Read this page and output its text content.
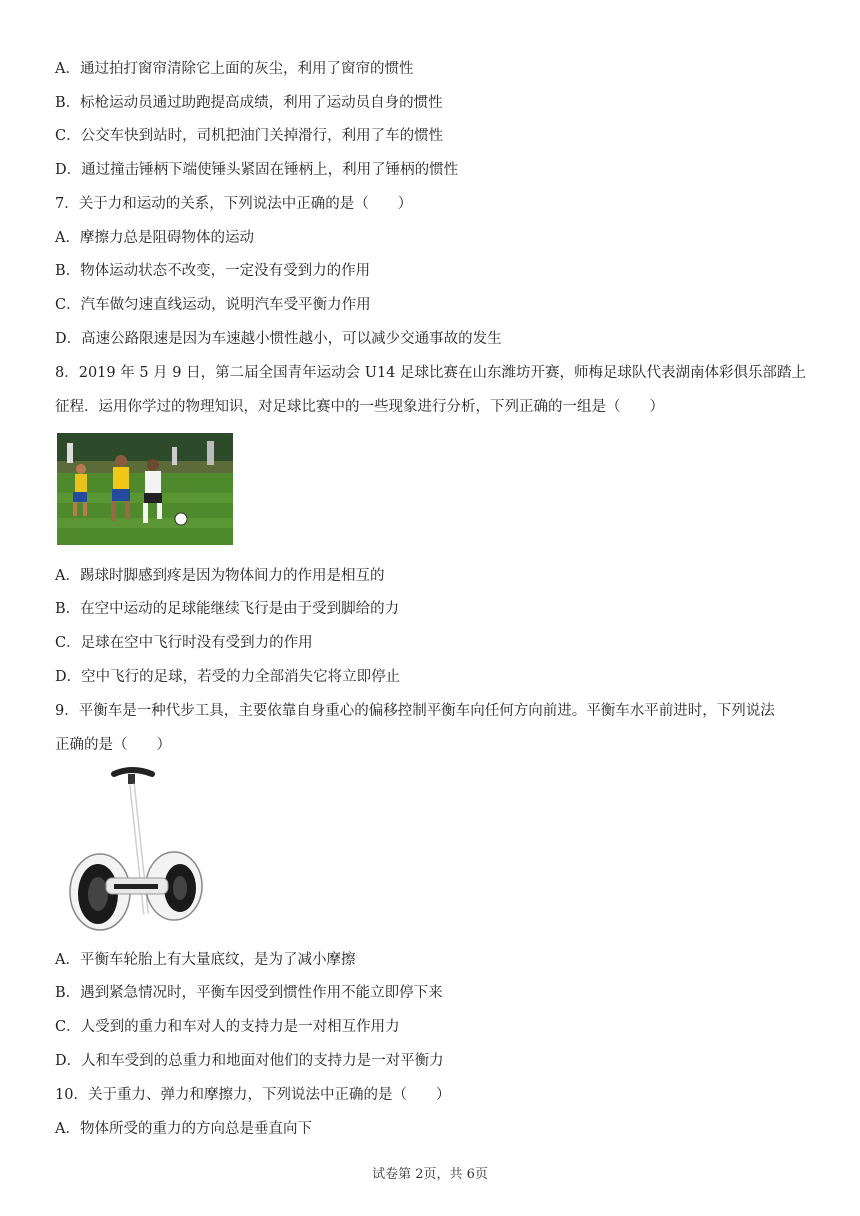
A．通过拍打窗帘清除它上面的灰尘，利用了窗帘的惯性
B．标枪运动员通过助跑提高成绩，利用了运动员自身的惯性
C．公交车快到站时，司机把油门关掉滑行，利用了车的惯性
D．通过撞击锤柄下端使锤头紧固在锤柄上，利用了锤柄的惯性
7．关于力和运动的关系，下列说法中正确的是（　　）
A．摩擦力总是阻碍物体的运动
B．物体运动状态不改变，一定没有受到力的作用
C．汽车做匀速直线运动，说明汽车受平衡力作用
D．高速公路限速是因为车速越小惯性越小，可以减少交通事故的发生
8．2019 年 5 月 9 日，第二届全国青年运动会 U14 足球比赛在山东潍坊开赛，师梅足球队代表湖南体彩俱乐部踏上
征程．运用你学过的物理知识，对足球比赛中的一些现象进行分析，下列正确的一组是（　　）
A．踢球时脚感到疼是因为物体间力的作用是相互的
B．在空中运动的足球能继续飞行是由于受到脚给的力
C．足球在空中飞行时没有受到力的作用
D．空中飞行的足球，若受的力全部消失它将立即停止
9．平衡车是一种代步工具，主要依靠自身重心的偏移控制平衡车向任何方向前进。平衡车水平前进时，下列说法
正确的是（　　）
A．平衡车轮胎上有大量底纹，是为了减小摩擦
B．遇到紧急情况时，平衡车因受到惯性作用不能立即停下来
C．人受到的重力和车对人的支持力是一对相互作用力
D．人和车受到的总重力和地面对他们的支持力是一对平衡力
10．关于重力、弹力和摩擦力，下列说法中正确的是（　　）
A．物体所受的重力的方向总是垂直向下
试卷第 2页，共 6页
